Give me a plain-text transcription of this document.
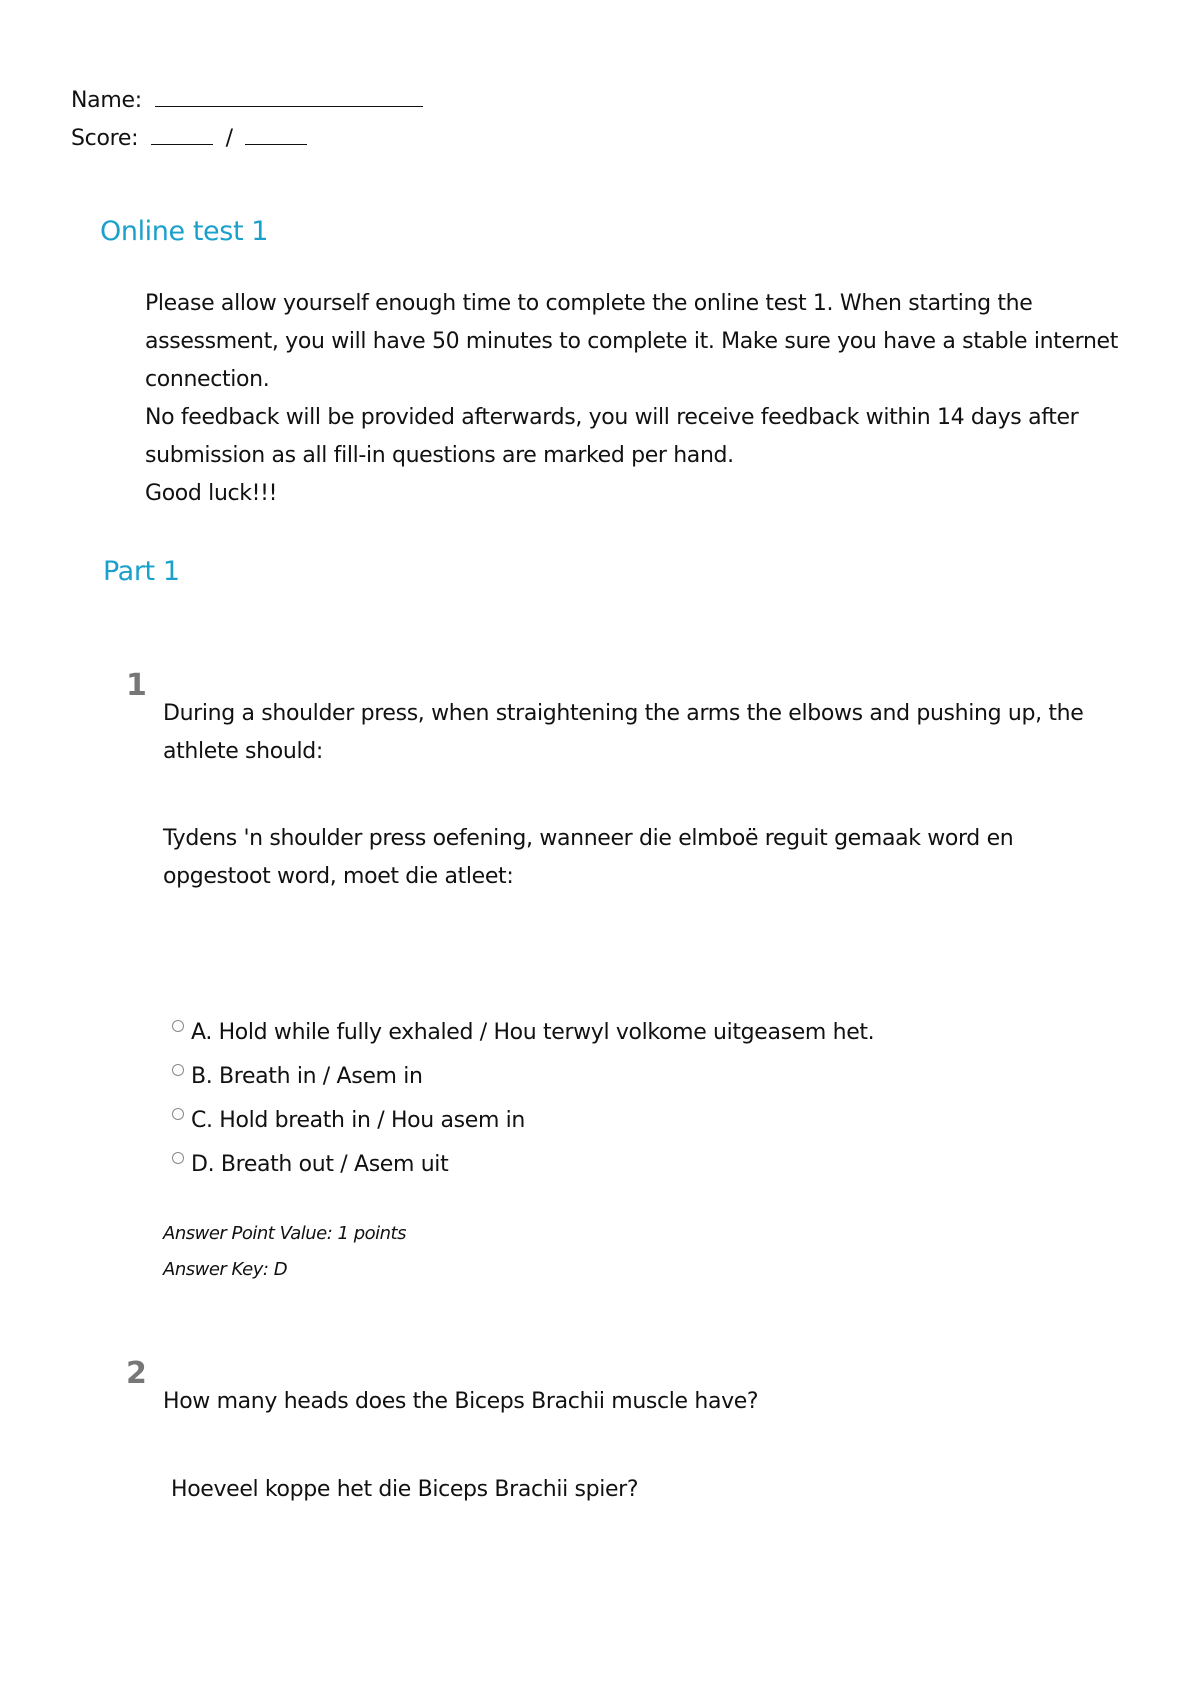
Name:
Score:	/
Online test 1

Please allow yourself enough time to complete the online test 1. When starting the assessment, you will have 50 minutes to complete it. Make sure you have a stable internet connection.

No feedback will be provided afterwards, you will receive feedback within 14 days after submission as all fill-in questions are marked per hand.

Good luck!!!

Part 1
1

During a shoulder press, when straightening the arms the elbows and pushing up, the athlete should:

Tydens 'n shoulder press oefening, wanneer die elmboë reguit gemaak word en opgestoot word, moet die atleet:

A. Hold while fully exhaled / Hou terwyl volkome uitgeasem het.
B. Breath in / Asem in
C. Hold breath in / Hou asem in
D. Breath out / Asem uit
Answer Point Value: 1 points
Answer Key: D
2

How many heads does the Biceps Brachii muscle have?

Hoeveel koppe het die Biceps Brachii spier?
